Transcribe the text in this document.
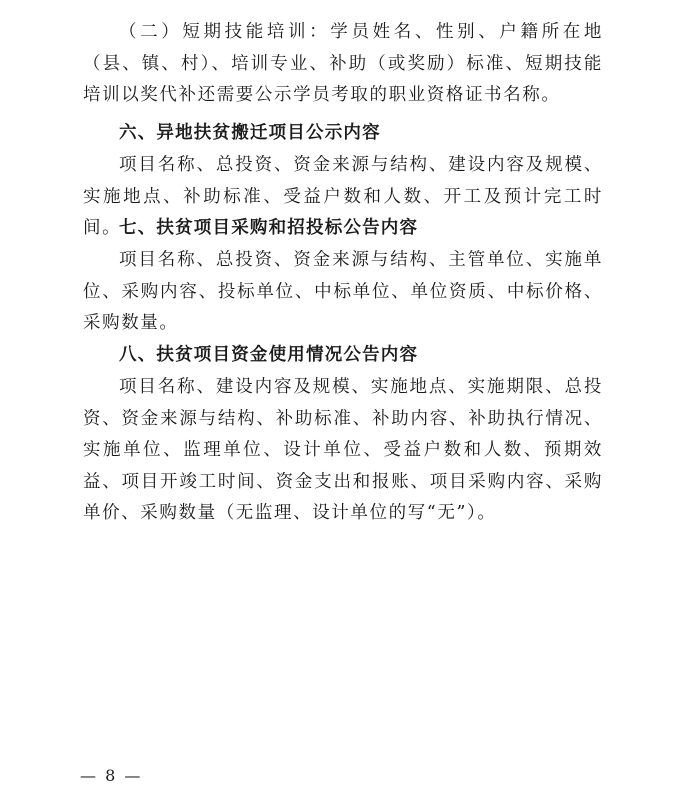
（二）短期技能培训：学员姓名、性别、户籍所在地（县、镇、村）、培训专业、补助（或奖励）标准、短期技能培训以奖代补还需要公示学员考取的职业资格证书名称。

六、异地扶贫搬迁项目公示内容

项目名称、总投资、资金来源与结构、建设内容及规模、实施地点、补助标准、受益户数和人数、开工及预计完工时间。

七、扶贫项目采购和招投标公告内容

项目名称、总投资、资金来源与结构、主管单位、实施单位、采购内容、投标单位、中标单位、单位资质、中标价格、采购数量。

八、扶贫项目资金使用情况公告内容

项目名称、建设内容及规模、实施地点、实施期限、总投资、资金来源与结构、补助标准、补助内容、补助执行情况、实施单位、监理单位、设计单位、受益户数和人数、预期效益、项目开竣工时间、资金支出和报账、项目采购内容、采购单价、采购数量（无监理、设计单位的写“无”）。

— 8 —
